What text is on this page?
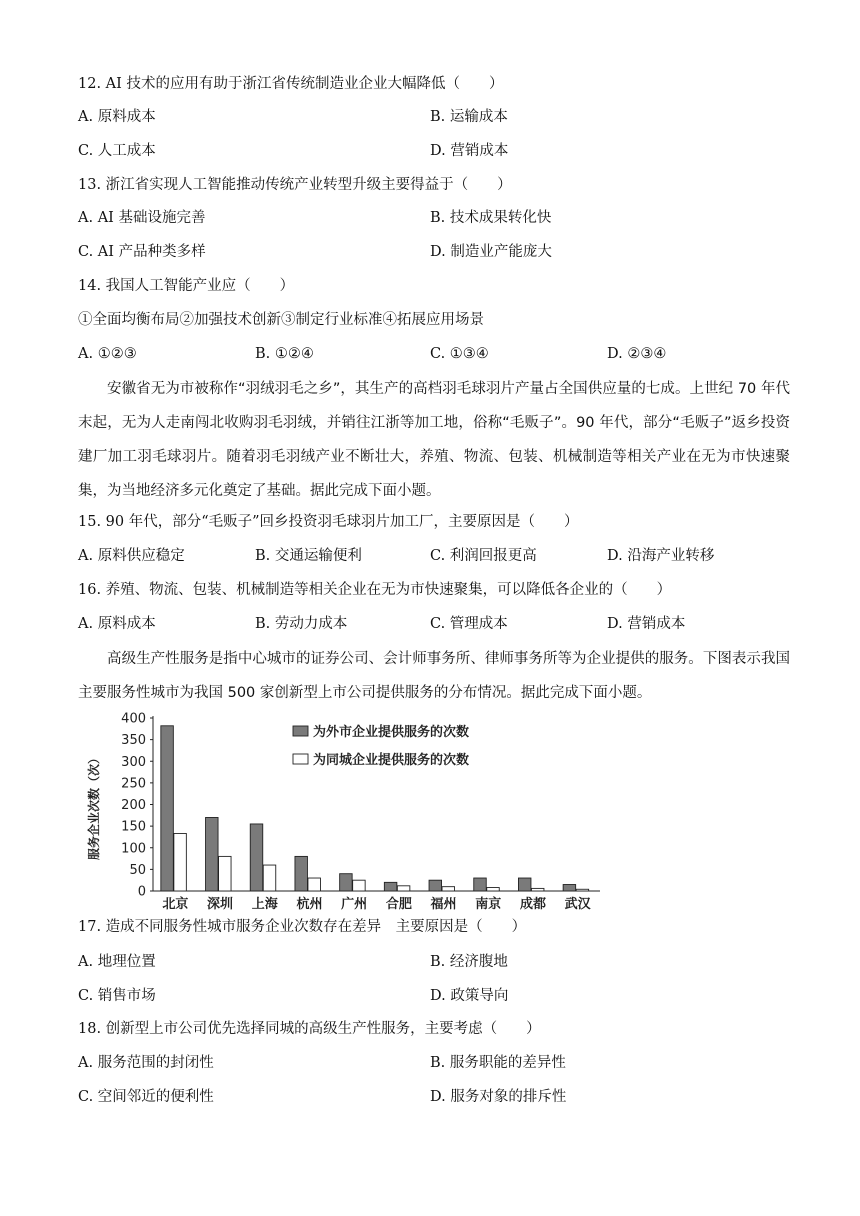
12. AI 技术的应用有助于浙江省传统制造业企业大幅降低（　　）
A. 原料成本	B. 运输成本
C. 人工成本	D. 营销成本
13. 浙江省实现人工智能推动传统产业转型升级主要得益于（　　）
A. AI 基础设施完善	B. 技术成果转化快
C. AI 产品种类多样	D. 制造业产能庞大
14. 我国人工智能产业应（　　）
①全面均衡布局②加强技术创新③制定行业标准④拓展应用场景
A. ①②③	B. ①②④	C. ①③④	D. ②③④
安徽省无为市被称作“羽绒羽毛之乡”，其生产的高档羽毛球羽片产量占全国供应量的七成。上世纪 70 年代末起，无为人走南闯北收购羽毛羽绒，并销往江浙等加工地，俗称“毛贩子”。90 年代，部分“毛贩子”返乡投资建厂加工羽毛球羽片。随着羽毛羽绒产业不断壮大，养殖、物流、包装、机械制造等相关产业在无为市快速聚集，为当地经济多元化奠定了基础。据此完成下面小题。
15. 90 年代，部分“毛贩子”回乡投资羽毛球羽片加工厂，主要原因是（　　）
A. 原料供应稳定	B. 交通运输便利	C. 利润回报更高	D. 沿海产业转移
16. 养殖、物流、包装、机械制造等相关企业在无为市快速聚集，可以降低各企业的（　　）
A. 原料成本	B. 劳动力成本	C. 管理成本	D. 营销成本
高级生产性服务是指中心城市的证券公司、会计师事务所、律师事务所等为企业提供的服务。下图表示我国主要服务性城市为我国 500 家创新型上市公司提供服务的分布情况。据此完成下面小题。
服务企业次数（次）
0
50
100
150
200
250
300
350
400
北京 深圳 上海 杭州 广州 合肥 福州 南京 成都 武汉
为外市企业提供服务的次数
为同城企业提供服务的次数
17. 造成不同服务性城市服务企业次数存在差异　主要原因是（　　）
A. 地理位置	B. 经济腹地
C. 销售市场	D. 政策导向
18. 创新型上市公司优先选择同城的高级生产性服务，主要考虑（　　）
A. 服务范围的封闭性	B. 服务职能的差异性
C. 空间邻近的便利性	D. 服务对象的排斥性
